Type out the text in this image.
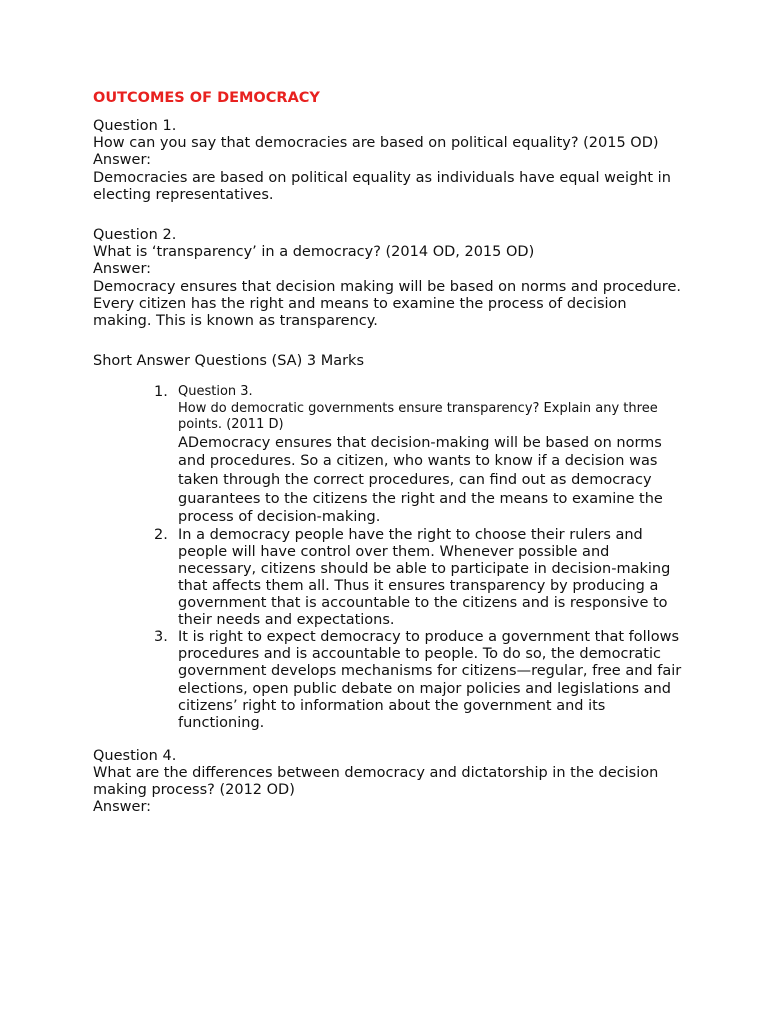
OUTCOMES OF DEMOCRACY

Question 1.

How can you say that democracies are based on political equality? (2015 OD)

Answer:

Democracies are based on political equality as individuals have equal weight in electing representatives.

Question 2.

What is ‘transparency’ in a democracy? (2014 OD, 2015 OD)

Answer:

Democracy ensures that decision making will be based on norms and procedure. Every citizen has the right and means to examine the process of decision making. This is known as transparency.

Short Answer Questions (SA) 3 Marks

1. Question 3.
How do democratic governments ensure transparency? Explain any three points. (2011 D)
ADemocracy ensures that decision-making will be based on norms and procedures. So a citizen, who wants to know if a decision was taken through the correct procedures, can find out as democracy guarantees to the citizens the right and the means to examine the process of decision-making.
2. In a democracy people have the right to choose their rulers and people will have control over them. Whenever possible and necessary, citizens should be able to participate in decision-making that affects them all. Thus it ensures transparency by producing a government that is accountable to the citizens and is responsive to their needs and expectations.
3. It is right to expect democracy to produce a government that follows procedures and is accountable to people. To do so, the democratic government develops mechanisms for citizens—regular, free and fair elections, open public debate on major policies and legislations and citizens’ right to information about the government and its functioning.

Question 4.

What are the differences between democracy and dictatorship in the decision making process? (2012 OD)

Answer:
